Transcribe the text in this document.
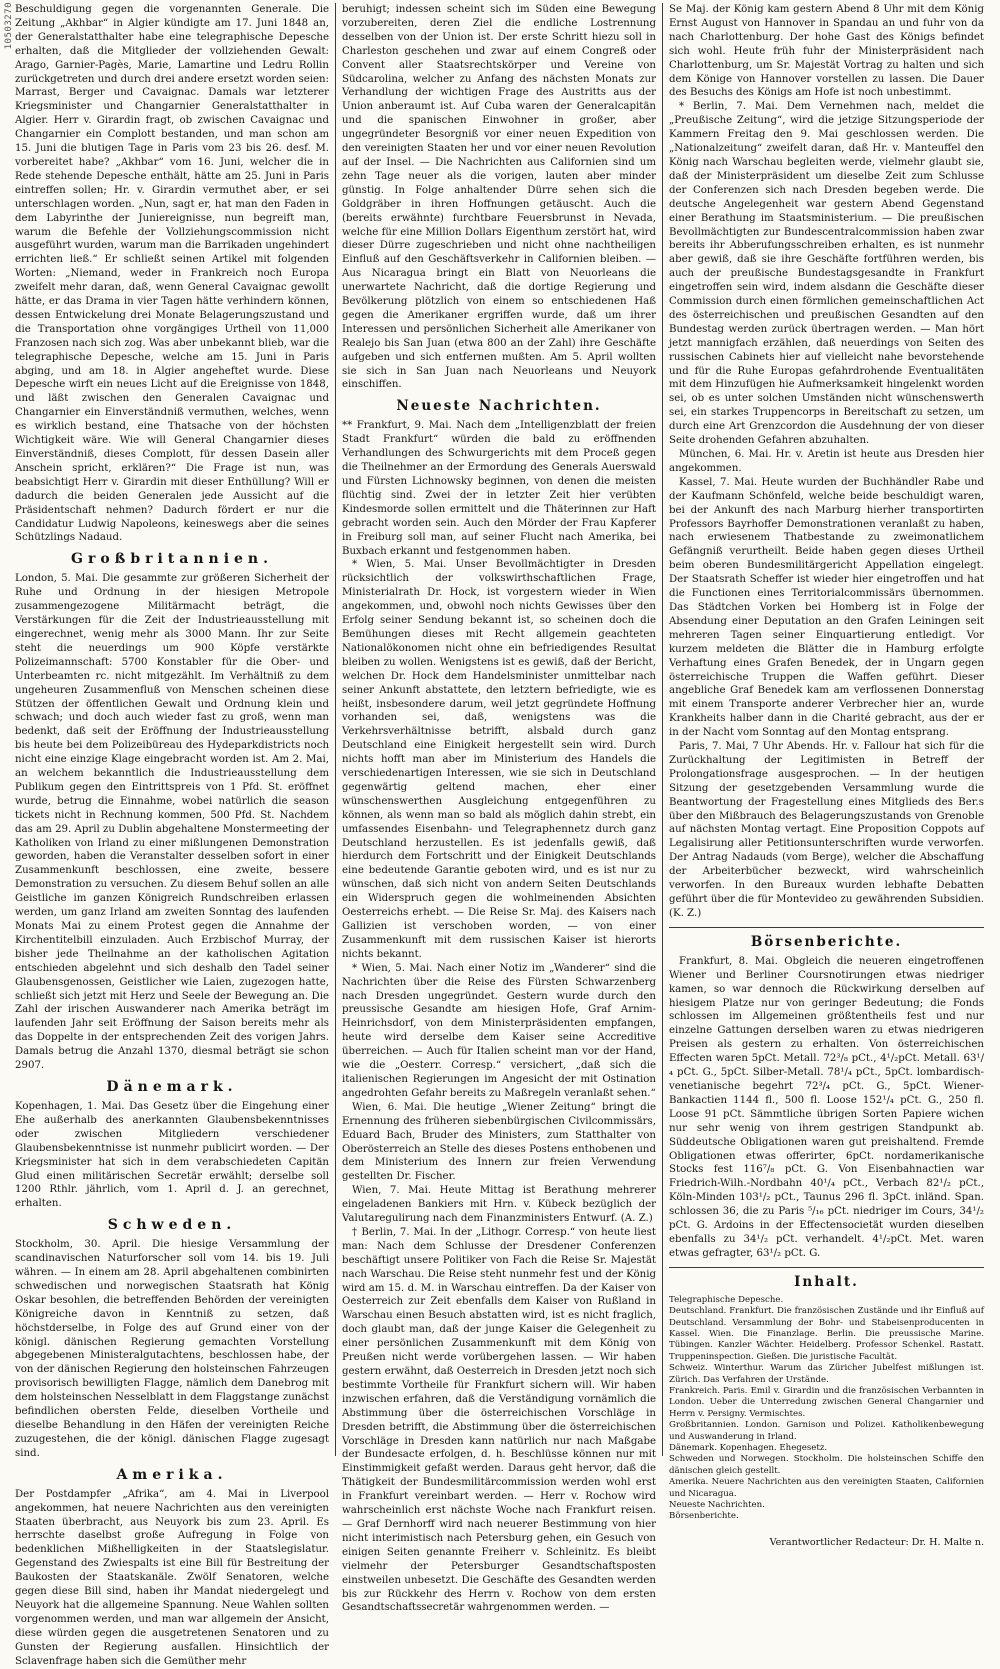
10503270 Beschuldigung gegen die vorgenannten Generale. Die Zeitung „Akhbar“ in Algier kündigte am 17. Juni 1848 an, der Generalstatthalter habe eine telegraphische Depesche erhalten, daß die Mitglieder der vollziehenden Gewalt: Arago, Garnier-Pagès, Marie, Lamartine und Ledru Rollin zurückgetreten und durch drei andere ersetzt worden seien: Marrast, Berger und Cavaignac. Damals war letzterer Kriegsminister und Changarnier Generalstatthalter in Algier. Herr v. Girardin fragt, ob zwischen Cavaignac und Changarnier ein Complott bestanden, und man schon am 15. Juni die blutigen Tage in Paris vom 23 bis 26. desf. M. vorbereitet habe? „Akhbar“ vom 16. Juni, welcher die in Rede stehende Depesche enthält, hätte am 25. Juni in Paris eintreffen sollen; Hr. v. Girardin vermuthet aber, er sei unterschlagen worden. „Nun, sagt er, hat man den Faden in dem Labyrinthe der Juniereignisse, nun begreift man, warum die Befehle der Vollziehungscommission nicht ausgeführt wurden, warum man die Barrikaden ungehindert errichten ließ.“ Er schließt seinen Artikel mit folgenden Worten: „Niemand, weder in Frankreich noch Europa zweifelt mehr daran, daß, wenn General Cavaignac gewollt hätte, er das Drama in vier Tagen hätte verhindern können, dessen Entwickelung drei Monate Belagerungszustand und die Transportation ohne vorgängiges Urtheil von 11,000 Franzosen nach sich zog. Was aber unbekannt blieb, war die telegraphische Depesche, welche am 15. Juni in Paris abging, und am 18. in Algier angeheftet wurde. Diese Depesche wirft ein neues Licht auf die Ereignisse von 1848, und läßt zwischen den Generalen Cavaignac und Changarnier ein Einverständniß vermuthen, welches, wenn es wirklich bestand, eine Thatsache von der höchsten Wichtigkeit wäre. Wie will General Changarnier dieses Einverständniß, dieses Complott, für dessen Dasein aller Anschein spricht, erklären?“ Die Frage ist nun, was beabsichtigt Herr v. Girardin mit dieser Enthüllung? Will er dadurch die beiden Generalen jede Aussicht auf die Präsidentschaft nehmen? Dadurch fördert er nur die Candidatur Ludwig Napoleons, keineswegs aber die seines Schützlings Nadaud.

Großbritannien.

London, 5. Mai. Die gesammte zur größeren Sicherheit der Ruhe und Ordnung in der hiesigen Metropole zusammengezogene Militärmacht beträgt, die Verstärkungen für die Zeit der Industrieausstellung mit eingerechnet, wenig mehr als 3000 Mann. Ihr zur Seite steht die neuerdings um 900 Köpfe verstärkte Polizeimannschaft: 5700 Konstabler für die Ober- und Unterbeamten rc. nicht mitgezählt. Im Verhältniß zu dem ungeheuren Zusammenfluß von Menschen scheinen diese Stützen der öffentlichen Gewalt und Ordnung klein und schwach; und doch auch wieder fast zu groß, wenn man bedenkt, daß seit der Eröffnung der Industrieausstellung bis heute bei dem Polizeibüreau des Hydeparkdistricts noch nicht eine einzige Klage eingebracht worden ist. Am 2. Mai, an welchem bekanntlich die Industrieausstellung dem Publikum gegen den Eintrittspreis von 1 Pfd. St. eröffnet wurde, betrug die Einnahme, wobei natürlich die season tickets nicht in Rechnung kommen, 500 Pfd. St. Nachdem das am 29. April zu Dublin abgehaltene Monstermeeting der Katholiken von Irland zu einer mißlungenen Demonstration geworden, haben die Veranstalter desselben sofort in einer Zusammenkunft beschlossen, eine zweite, bessere Demonstration zu versuchen. Zu diesem Behuf sollen an alle Geistliche im ganzen Königreich Rundschreiben erlassen werden, um ganz Irland am zweiten Sonntag des laufenden Monats Mai zu einem Protest gegen die Annahme der Kirchentitelbill einzuladen. Auch Erzbischof Murray, der bisher jede Theilnahme an der katholischen Agitation entschieden abgelehnt und sich deshalb den Tadel seiner Glaubensgenossen, Geistlicher wie Laien, zugezogen hatte, schließt sich jetzt mit Herz und Seele der Bewegung an. Die Zahl der irischen Auswanderer nach Amerika beträgt im laufenden Jahr seit Eröffnung der Saison bereits mehr als das Doppelte in der entsprechenden Zeit des vorigen Jahrs. Damals betrug die Anzahl 1370, diesmal beträgt sie schon 2907.

Dänemark.

Kopenhagen, 1. Mai. Das Gesetz über die Eingehung einer Ehe außerhalb des anerkannten Glaubensbekenntnisses oder zwischen Mitgliedern verschiedener Glaubensbekenntnisse ist nunmehr publicirt worden. — Der Kriegsminister hat sich in dem verabschiedeten Capitän Glud einen militärischen Secretär erwählt; derselbe soll 1200 Rthlr. jährlich, vom 1. April d. J. an gerechnet, erhalten.

Schweden.

Stockholm, 30. April. Die hiesige Versammlung der scandinavischen Naturforscher soll vom 14. bis 19. Juli währen. — In einem am 28. April abgehaltenen combinirten schwedischen und norwegischen Staatsrath hat König Oskar besohlen, die betreffenden Behörden der vereinigten Königreiche davon in Kenntniß zu setzen, daß höchstderselbe, in Folge des auf Grund einer von der königl. dänischen Regierung gemachten Vorstellung abgegebenen Ministeralgutachtens, beschlossen habe, der von der dänischen Regierung den holsteinschen Fahrzeugen provisorisch bewilligten Flagge, nämlich dem Danebrog mit dem holsteinschen Nesselblatt in dem Flaggstange zunächst befindlichen obersten Felde, dieselben Vortheile und dieselbe Behandlung in den Häfen der vereinigten Reiche zuzugestehen, die der königl. dänischen Flagge zugesagt sind.

Amerika.

Der Postdampfer „Afrika“, am 4. Mai in Liverpool angekommen, hat neuere Nachrichten aus den vereinigten Staaten überbracht, aus Neuyork bis zum 23. April. Es herrschte daselbst große Aufregung in Folge von bedenklichen Mißhelligkeiten in der Staatslegislatur. Gegenstand des Zwiespalts ist eine Bill für Bestreitung der Baukosten der Staatskanäle. Zwölf Senatoren, welche gegen diese Bill sind, haben ihr Mandat niedergelegt und Neuyork hat die allgemeine Spannung. Neue Wahlen sollten vorgenommen werden, und man war allgemein der Ansicht, diese würden gegen die ausgetretenen Senatoren und zu Gunsten der Regierung ausfallen. Hinsichtlich der Sclavenfrage haben sich die Gemüther mehr

beruhigt; indessen scheint sich im Süden eine Bewegung vorzubereiten, deren Ziel die endliche Lostrennung desselben von der Union ist. Der erste Schritt hiezu soll in Charleston geschehen und zwar auf einem Congreß oder Convent aller Staatsrechtskörper und Vereine von Südcarolina, welcher zu Anfang des nächsten Monats zur Verhandlung der wichtigen Frage des Austritts aus der Union anberaumt ist. Auf Cuba waren der Generalcapitän und die spanischen Einwohner in großer, aber ungegründeter Besorgniß vor einer neuen Expedition von den vereinigten Staaten her und vor einer neuen Revolution auf der Insel. — Die Nachrichten aus Californien sind um zehn Tage neuer als die vorigen, lauten aber minder günstig. In Folge anhaltender Dürre sehen sich die Goldgräber in ihren Hoffnungen getäuscht. Auch die (bereits erwähnte) furchtbare Feuersbrunst in Nevada, welche für eine Million Dollars Eigenthum zerstört hat, wird dieser Dürre zugeschrieben und nicht ohne nachtheiligen Einfluß auf den Geschäftsverkehr in Californien bleiben. — Aus Nicaragua bringt ein Blatt von Neuorleans die unerwartete Nachricht, daß die dortige Regierung und Bevölkerung plötzlich von einem so entschiedenen Haß gegen die Amerikaner ergriffen wurde, daß um ihrer Interessen und persönlichen Sicherheit alle Amerikaner von Realejo bis San Juan (etwa 800 an der Zahl) ihre Geschäfte aufgeben und sich entfernen mußten. Am 5. April wollten sie sich in San Juan nach Neuorleans und Neuyork einschiffen.

Neueste Nachrichten.

** Frankfurt, 9. Mai. Nach dem „Intelligenzblatt der freien Stadt Frankfurt“ würden die bald zu eröffnenden Verhandlungen des Schwurgerichts mit dem Proceß gegen die Theilnehmer an der Ermordung des Generals Auerswald und Fürsten Lichnowsky beginnen, von denen die meisten flüchtig sind. Zwei der in letzter Zeit hier verübten Kindesmorde sollen ermittelt und die Thäterinnen zur Haft gebracht worden sein. Auch den Mörder der Frau Kapferer in Freiburg soll man, auf seiner Flucht nach Amerika, bei Buxbach erkannt und festgenommen haben.

* Wien, 5. Mai. Unser Bevollmächtigter in Dresden rücksichtlich der volkswirthschaftlichen Frage, Ministerialrath Dr. Hock, ist vorgestern wieder in Wien angekommen, und, obwohl noch nichts Gewisses über den Erfolg seiner Sendung bekannt ist, so scheinen doch die Bemühungen dieses mit Recht allgemein geachteten Nationalökonomen nicht ohne ein befriedigendes Resultat bleiben zu wollen. Wenigstens ist es gewiß, daß der Bericht, welchen Dr. Hock dem Handelsminister unmittelbar nach seiner Ankunft abstattete, den letztern befriedigte, wie es heißt, insbesondere darum, weil jetzt gegründete Hoffnung vorhanden sei, daß, wenigstens was die Verkehrsverhältnisse betrifft, alsbald durch ganz Deutschland eine Einigkeit hergestellt sein wird. Durch nichts hofft man aber im Ministerium des Handels die verschiedenartigen Interessen, wie sie sich in Deutschland gegenwärtig geltend machen, eher einer wünschenswerthen Ausgleichung entgegenführen zu können, als wenn man so bald als möglich dahin strebt, ein umfassendes Eisenbahn- und Telegraphennetz durch ganz Deutschland herzustellen. Es ist jedenfalls gewiß, daß hierdurch dem Fortschritt und der Einigkeit Deutschlands eine bedeutende Garantie geboten wird, und es ist nur zu wünschen, daß sich nicht von andern Seiten Deutschlands ein Widerspruch gegen die wohlmeinenden Absichten Oesterreichs erhebt. — Die Reise Sr. Maj. des Kaisers nach Gallizien ist verschoben worden, — von einer Zusammenkunft mit dem russischen Kaiser ist hierorts nichts bekannt.

* Wien, 5. Mai. Nach einer Notiz im „Wanderer“ sind die Nachrichten über die Reise des Fürsten Schwarzenberg nach Dresden ungegründet. Gestern wurde durch den preussische Gesandte am hiesigen Hofe, Graf Arnim-Heinrichsdorf, von dem Ministerpräsidenten empfangen, heute wird derselbe dem Kaiser seine Accreditive überreichen. — Auch für Italien scheint man vor der Hand, wie die „Oesterr. Corresp.“ versichert, „daß sich die italienischen Regierungen im Angesicht der mit Ostination angedrohten Gefahr bereits zu Maßregeln veranlaßt sehen.“

Wien, 6. Mai. Die heutige „Wiener Zeitung“ bringt die Ernennung des früheren siebenbürgischen Civilcommissärs, Eduard Bach, Bruder des Ministers, zum Statthalter von Oberösterreich an Stelle des dieses Postens enthobenen und dem Ministerium des Innern zur freien Verwendung gestellten Dr. Fischer.

Wien, 7. Mai. Heute Mittag ist Berathung mehrerer eingeladenen Bankiers mit Hrn. v. Kübeck bezüglich der Valutaregulirung nach dem Finanzministers Entwurf. (A. Z.)

† Berlin, 7. Mai. In der „Lithogr. Corresp.“ von heute liest man: Nach dem Schlusse der Dresdener Conferenzen beschäftigt unsere Politiker von Fach die Reise Sr. Majestät nach Warschau. Die Reise steht nunmehr fest und der König wird am 15. d. M. in Warschau eintreffen. Da der Kaiser von Oesterreich zur Zeit ebenfalls dem Kaiser von Rußland in Warschau einen Besuch abstatten wird, ist es nicht fraglich, doch glaubt man, daß der junge Kaiser die Gelegenheit zu einer persönlichen Zusammenkunft mit dem König von Preußen nicht werde vorübergehen lassen. — Wir haben gestern erwähnt, daß Oesterreich in Dresden jetzt noch sich bestimmte Vortheile für Frankfurt sichern will. Wir haben inzwischen erfahren, daß die Verständigung vornämlich die Abstimmung über die österreichischen Vorschläge in Dresden betrifft, die Abstimmung über die österreichischen Vorschläge in Dresden kann natürlich nur nach Maßgabe der Bundesacte erfolgen, d. h. Beschlüsse können nur mit Einstimmigkeit gefaßt werden. Daraus geht hervor, daß die Thätigkeit der Bundesmilitärcommission werden wohl erst in Frankfurt vereinbart werden. — Herr v. Rochow wird wahrscheinlich erst nächste Woche nach Frankfurt reisen. — Graf Dernhorff wird nach neuerer Bestimmung von hier nicht interimistisch nach Petersburg gehen, ein Gesuch von einigen Seiten genannte Freiherr v. Schleinitz. Es bleibt vielmehr der Petersburger Gesandtschaftsposten einstweilen unbesetzt. Die Geschäfte des Gesandten werden bis zur Rückkehr des Herrn v. Rochow von dem ersten Gesandtschaftssecretär wahrgenommen werden. —

Se Maj. der König kam gestern Abend 8 Uhr mit dem König Ernst August von Hannover in Spandau an und fuhr von da nach Charlottenburg. Der hohe Gast des Königs befindet sich wohl. Heute früh fuhr der Ministerpräsident nach Charlottenburg, um Sr. Majestät Vortrag zu halten und sich dem Könige von Hannover vorstellen zu lassen. Die Dauer des Besuchs des Königs am Hofe ist noch unbestimmt.

* Berlin, 7. Mai. Dem Vernehmen nach, meldet die „Preußische Zeitung“, wird die jetzige Sitzungsperiode der Kammern Freitag den 9. Mai geschlossen werden. Die „Nationalzeitung“ zweifelt daran, daß Hr. v. Manteuffel den König nach Warschau begleiten werde, vielmehr glaubt sie, daß der Ministerpräsident um dieselbe Zeit zum Schlusse der Conferenzen sich nach Dresden begeben werde. Die deutsche Angelegenheit war gestern Abend Gegenstand einer Berathung im Staatsministerium. — Die preußischen Bevollmächtigten zur Bundescentralcommission haben zwar bereits ihr Abberufungsschreiben erhalten, es ist nunmehr aber gewiß, daß sie ihre Geschäfte fortführen werden, bis auch der preußische Bundestagsgesandte in Frankfurt eingetroffen sein wird, indem alsdann die Geschäfte dieser Commission durch einen förmlichen gemeinschaftlichen Act des österreichischen und preußischen Gesandten auf den Bundestag werden zurück übertragen werden. — Man hört jetzt mannigfach erzählen, daß neuerdings von Seiten des russischen Cabinets hier auf vielleicht nahe bevorstehende und für die Ruhe Europas gefahrdrohende Eventualitäten mit dem Hinzufügen hie Aufmerksamkeit hingelenkt worden sei, ob es unter solchen Umständen nicht wünschenswerth sei, ein starkes Truppencorps in Bereitschaft zu setzen, um durch eine Art Grenzcordon die Ausdehnung der von dieser Seite drohenden Gefahren abzuhalten.

München, 6. Mai. Hr. v. Aretin ist heute aus Dresden hier angekommen.

Kassel, 7. Mai. Heute wurden der Buchhändler Rabe und der Kaufmann Schönfeld, welche beide beschuldigt waren, bei der Ankunft des nach Marburg hierher transportirten Professors Bayrhoffer Demonstrationen veranlaßt zu haben, nach erwiesenem Thatbestande zu zweimonatlichem Gefängniß verurtheilt. Beide haben gegen dieses Urtheil beim oberen Bundesmilitärgericht Appellation eingelegt. Der Staatsrath Scheffer ist wieder hier eingetroffen und hat die Functionen eines Territorialcommissärs übernommen. Das Städtchen Vorken bei Homberg ist in Folge der Absendung einer Deputation an den Grafen Leiningen seit mehreren Tagen seiner Einquartierung entledigt. Vor kurzem meldeten die Blätter die in Hamburg erfolgte Verhaftung eines Grafen Benedek, der in Ungarn gegen österreichische Truppen die Waffen geführt. Dieser angebliche Graf Benedek kam am verflossenen Donnerstag mit einem Transporte anderer Verbrecher hier an, wurde Krankheits halber dann in die Charité gebracht, aus der er in der Nacht vom Sonntag auf den Montag entsprang.

Paris, 7. Mai, 7 Uhr Abends. Hr. v. Fallour hat sich für die Zurückhaltung der Legitimisten in Betreff der Prolongationsfrage ausgesprochen. — In der heutigen Sitzung der gesetzgebenden Versammlung wurde die Beantwortung der Fragestellung eines Mitglieds des Ber.s über den Mißbrauch des Belagerungszustands von Grenoble auf nächsten Montag vertagt. Eine Proposition Coppots auf Legalisirung aller Petitionsunterschriften wurde verworfen. Der Antrag Nadauds (vom Berge), welcher die Abschaffung der Arbeiterbücher bezweckt, wird wahrscheinlich verworfen. In den Bureaux wurden lebhafte Debatten geführt über die für Montevideo zu gewährenden Subsidien. (K. Z.)

Börsenberichte.

Frankfurt, 8. Mai. Obgleich die neueren eingetroffenen Wiener und Berliner Coursnotirungen etwas niedriger kamen, so war dennoch die Rückwirkung derselben auf hiesigem Platze nur von geringer Bedeutung; die Fonds schlossen im Allgemeinen größtentheils fest und nur einzelne Gattungen derselben waren zu etwas niedrigeren Preisen als gestern zu erhalten. Von österreichischen Effecten waren 5pCt. Metall. 72³/₈ pCt., 4¹/₂pCt. Metall. 63¹/₄ pCt. G., 5pCt. Silber-Metall. 78¹/₄ pCt., 5pCt. lombardisch-venetianische begehrt 72³/₄ pCt. G., 5pCt. Wiener-Bankactien 1144 fl., 500 fl. Loose 152¹/₄ pCt. G., 250 fl. Loose 91 pCt. Sämmtliche übrigen Sorten Papiere wichen nur sehr wenig von ihrem gestrigen Standpunkt ab. Süddeutsche Obligationen waren gut preishaltend. Fremde Obligationen etwas offerirter, 6pCt. nordamerikanische Stocks fest 116⁷/₈ pCt. G. Von Eisenbahnactien war Friedrich-Wilh.-Nordbahn 40¹/₄ pCt., Verbach 82¹/₂ pCt., Köln-Minden 103¹/₂ pCt., Taunus 296 fl. 3pCt. inländ. Span. schlossen 36, die zu Paris ⁵/₁₆ pCt. niedriger im Cours, 34¹/₂ pCt. G. Ardoins in der Effectensocietät wurden dieselben ebenfalls zu 34¹/₂ pCt. verhandelt. 4¹/₂pCt. Met. waren etwas gefragter, 63¹/₂ pCt. G.

Inhalt.

Telegraphische Depesche.

Deutschland. Frankfurt. Die französischen Zustände und ihr Einfluß auf Deutschland. Versammlung der Bohr- und Stabeisenproducenten in Kassel. Wien. Die Finanzlage. Berlin. Die preussische Marine. Tübingen. Kanzler Wächter. Heidelberg. Professor Schenkel. Rastatt. Truppeninspection. Gießen. Die juristische Facultät.

Schweiz. Winterthur. Warum das Züricher Jubelfest mißlungen ist. Zürich. Das Verfahren der Urstände.

Frankreich. Paris. Emil v. Girardin und die französischen Verbannten in London. Ueber die Unterredung zwischen General Changarnier und Herrn v. Persigny. Vermischtes.

Großbritannien. London. Garnison und Polizei. Katholikenbewegung und Auswanderung in Irland.

Dänemark. Kopenhagen. Ehegesetz.

Schweden und Norwegen. Stockholm. Die holsteinschen Schiffe den dänischen gleich gestellt.

Amerika. Neuere Nachrichten aus den vereinigten Staaten, Californien und Nicaragua.

Neueste Nachrichten.

Börsenberichte.

Verantwortlicher Redacteur: Dr. H. Malte n.
